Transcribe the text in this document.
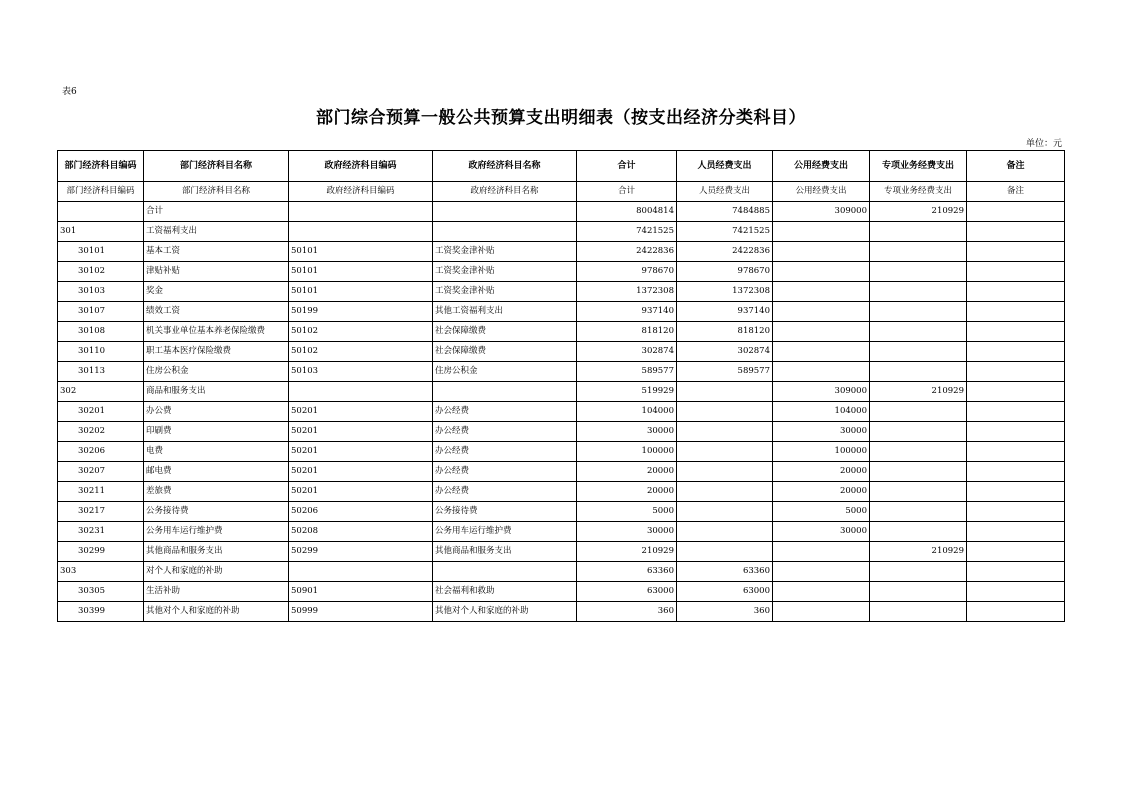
表6
部门综合预算一般公共预算支出明细表（按支出经济分类科目）
单位：元
部门经济科目编码	部门经济科目名称	政府经济科目编码	政府经济科目名称	合计	人员经费支出	公用经费支出	专项业务经费支出	备注
部门经济科目编码	部门经济科目名称	政府经济科目编码	政府经济科目名称	合计	人员经费支出	公用经费支出	专项业务经费支出	备注
	合计			8004814	7484885	309000	210929	
301	工资福利支出			7421525	7421525			
30101	基本工资	50101	工资奖金津补贴	2422836	2422836			
30102	津贴补贴	50101	工资奖金津补贴	978670	978670			
30103	奖金	50101	工资奖金津补贴	1372308	1372308			
30107	绩效工资	50199	其他工资福利支出	937140	937140			
30108	机关事业单位基本养老保险缴费	50102	社会保障缴费	818120	818120			
30110	职工基本医疗保险缴费	50102	社会保障缴费	302874	302874			
30113	住房公积金	50103	住房公积金	589577	589577			
302	商品和服务支出			519929		309000	210929	
30201	办公费	50201	办公经费	104000		104000		
30202	印刷费	50201	办公经费	30000		30000		
30206	电费	50201	办公经费	100000		100000		
30207	邮电费	50201	办公经费	20000		20000		
30211	差旅费	50201	办公经费	20000		20000		
30217	公务接待费	50206	公务接待费	5000		5000		
30231	公务用车运行维护费	50208	公务用车运行维护费	30000		30000		
30299	其他商品和服务支出	50299	其他商品和服务支出	210929			210929	
303	对个人和家庭的补助			63360	63360			
30305	生活补助	50901	社会福利和救助	63000	63000			
30399	其他对个人和家庭的补助	50999	其他对个人和家庭的补助	360	360			
